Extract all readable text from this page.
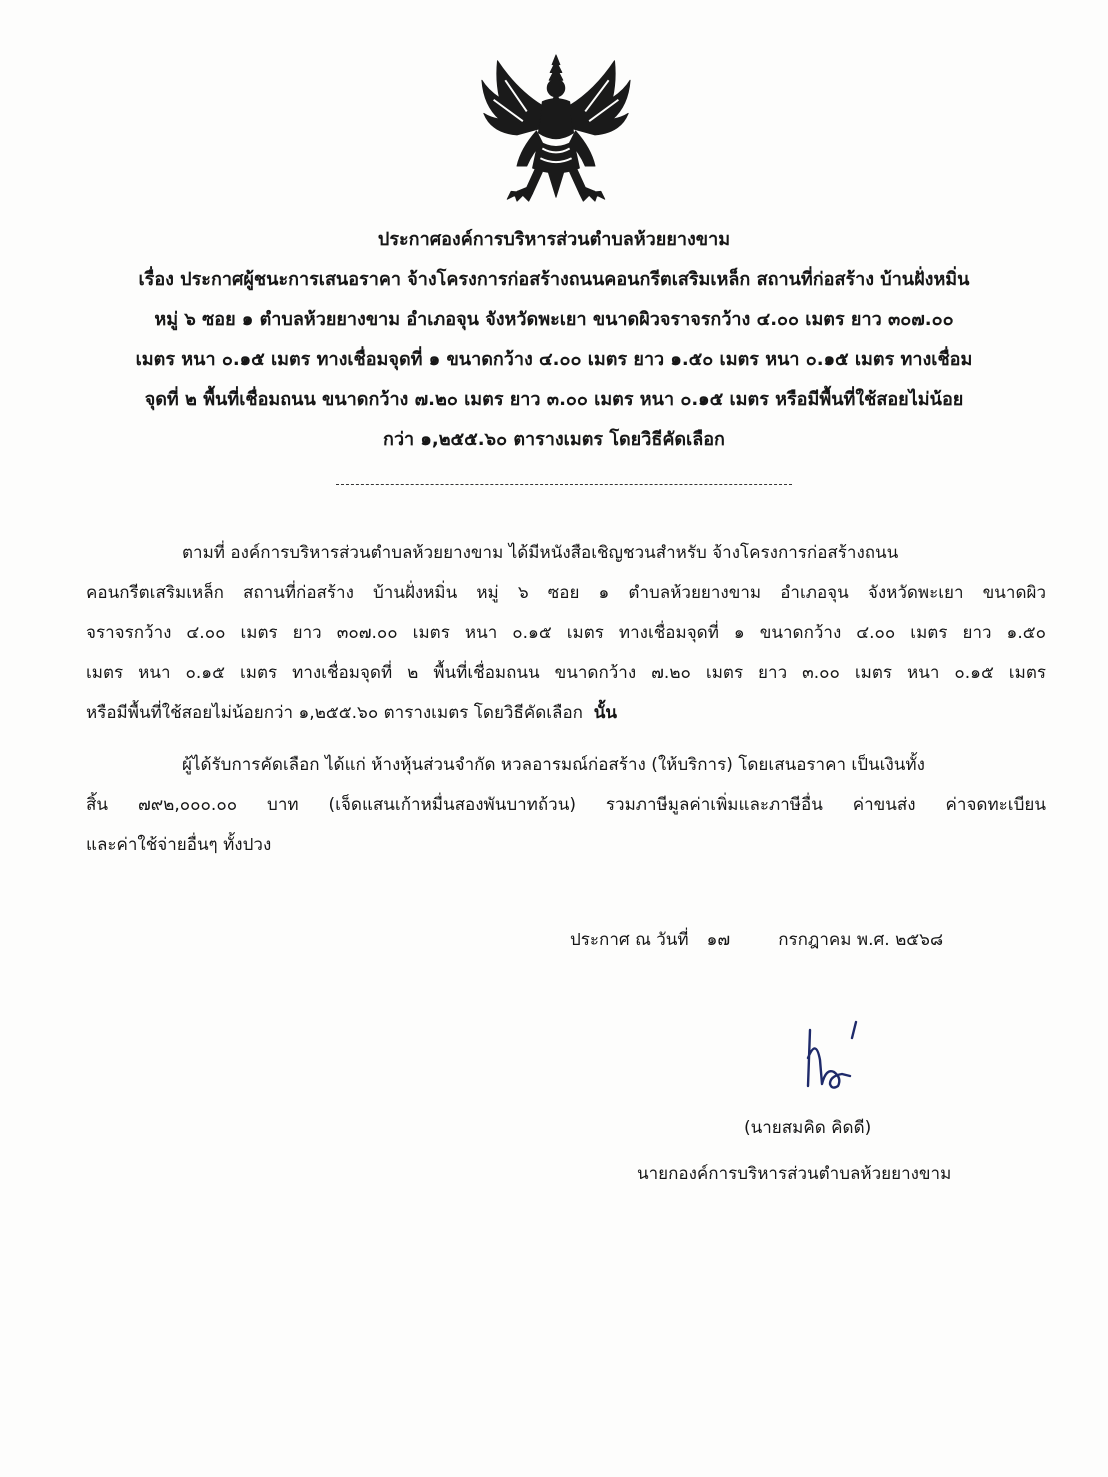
ประกาศองค์การบริหารส่วนตำบลห้วยยางขาม
เรื่อง ประกาศผู้ชนะการเสนอราคา จ้างโครงการก่อสร้างถนนคอนกรีตเสริมเหล็ก สถานที่ก่อสร้าง บ้านฝั่งหมิ่น
หมู่ ๖ ซอย ๑ ตำบลห้วยยางขาม อำเภอจุน จังหวัดพะเยา ขนาดผิวจราจรกว้าง ๔.๐๐ เมตร ยาว ๓๐๗.๐๐
เมตร หนา ๐.๑๕ เมตร ทางเชื่อมจุดที่ ๑ ขนาดกว้าง ๔.๐๐ เมตร ยาว ๑.๕๐ เมตร หนา ๐.๑๕ เมตร ทางเชื่อม
จุดที่ ๒ พื้นที่เชื่อมถนน ขนาดกว้าง ๗.๒๐ เมตร ยาว ๓.๐๐ เมตร หนา ๐.๑๕ เมตร หรือมีพื้นที่ใช้สอยไม่น้อย
กว่า ๑,๒๕๕.๖๐ ตารางเมตร โดยวิธีคัดเลือก
ตามที่ องค์การบริหารส่วนตำบลห้วยยางขาม ได้มีหนังสือเชิญชวนสำหรับ จ้างโครงการก่อสร้างถนน
คอนกรีตเสริมเหล็ก สถานที่ก่อสร้าง บ้านฝั่งหมิ่น หมู่ ๖ ซอย ๑ ตำบลห้วยยางขาม อำเภอจุน จังหวัดพะเยา ขนาดผิว
จราจรกว้าง ๔.๐๐ เมตร ยาว ๓๐๗.๐๐ เมตร หนา ๐.๑๕ เมตร ทางเชื่อมจุดที่ ๑ ขนาดกว้าง ๔.๐๐ เมตร ยาว ๑.๕๐
เมตร หนา ๐.๑๕ เมตร ทางเชื่อมจุดที่ ๒ พื้นที่เชื่อมถนน ขนาดกว้าง ๗.๒๐ เมตร ยาว ๓.๐๐ เมตร หนา ๐.๑๕ เมตร
หรือมีพื้นที่ใช้สอยไม่น้อยกว่า ๑,๒๕๕.๖๐ ตารางเมตร โดยวิธีคัดเลือก นั้น
ผู้ได้รับการคัดเลือก ได้แก่ ห้างหุ้นส่วนจำกัด หวลอารมณ์ก่อสร้าง (ให้บริการ) โดยเสนอราคา เป็นเงินทั้ง
สิ้น ๗๙๒,๐๐๐.๐๐ บาท (เจ็ดแสนเก้าหมื่นสองพันบาทถ้วน) รวมภาษีมูลค่าเพิ่มและภาษีอื่น ค่าขนส่ง ค่าจดทะเบียน
และค่าใช้จ่ายอื่นๆ ทั้งปวง
ประกาศ ณ วันที่ ๑๗	กรกฎาคม พ.ศ. ๒๕๖๘
(นายสมคิด คิดดี)
นายกองค์การบริหารส่วนตำบลห้วยยางขาม
